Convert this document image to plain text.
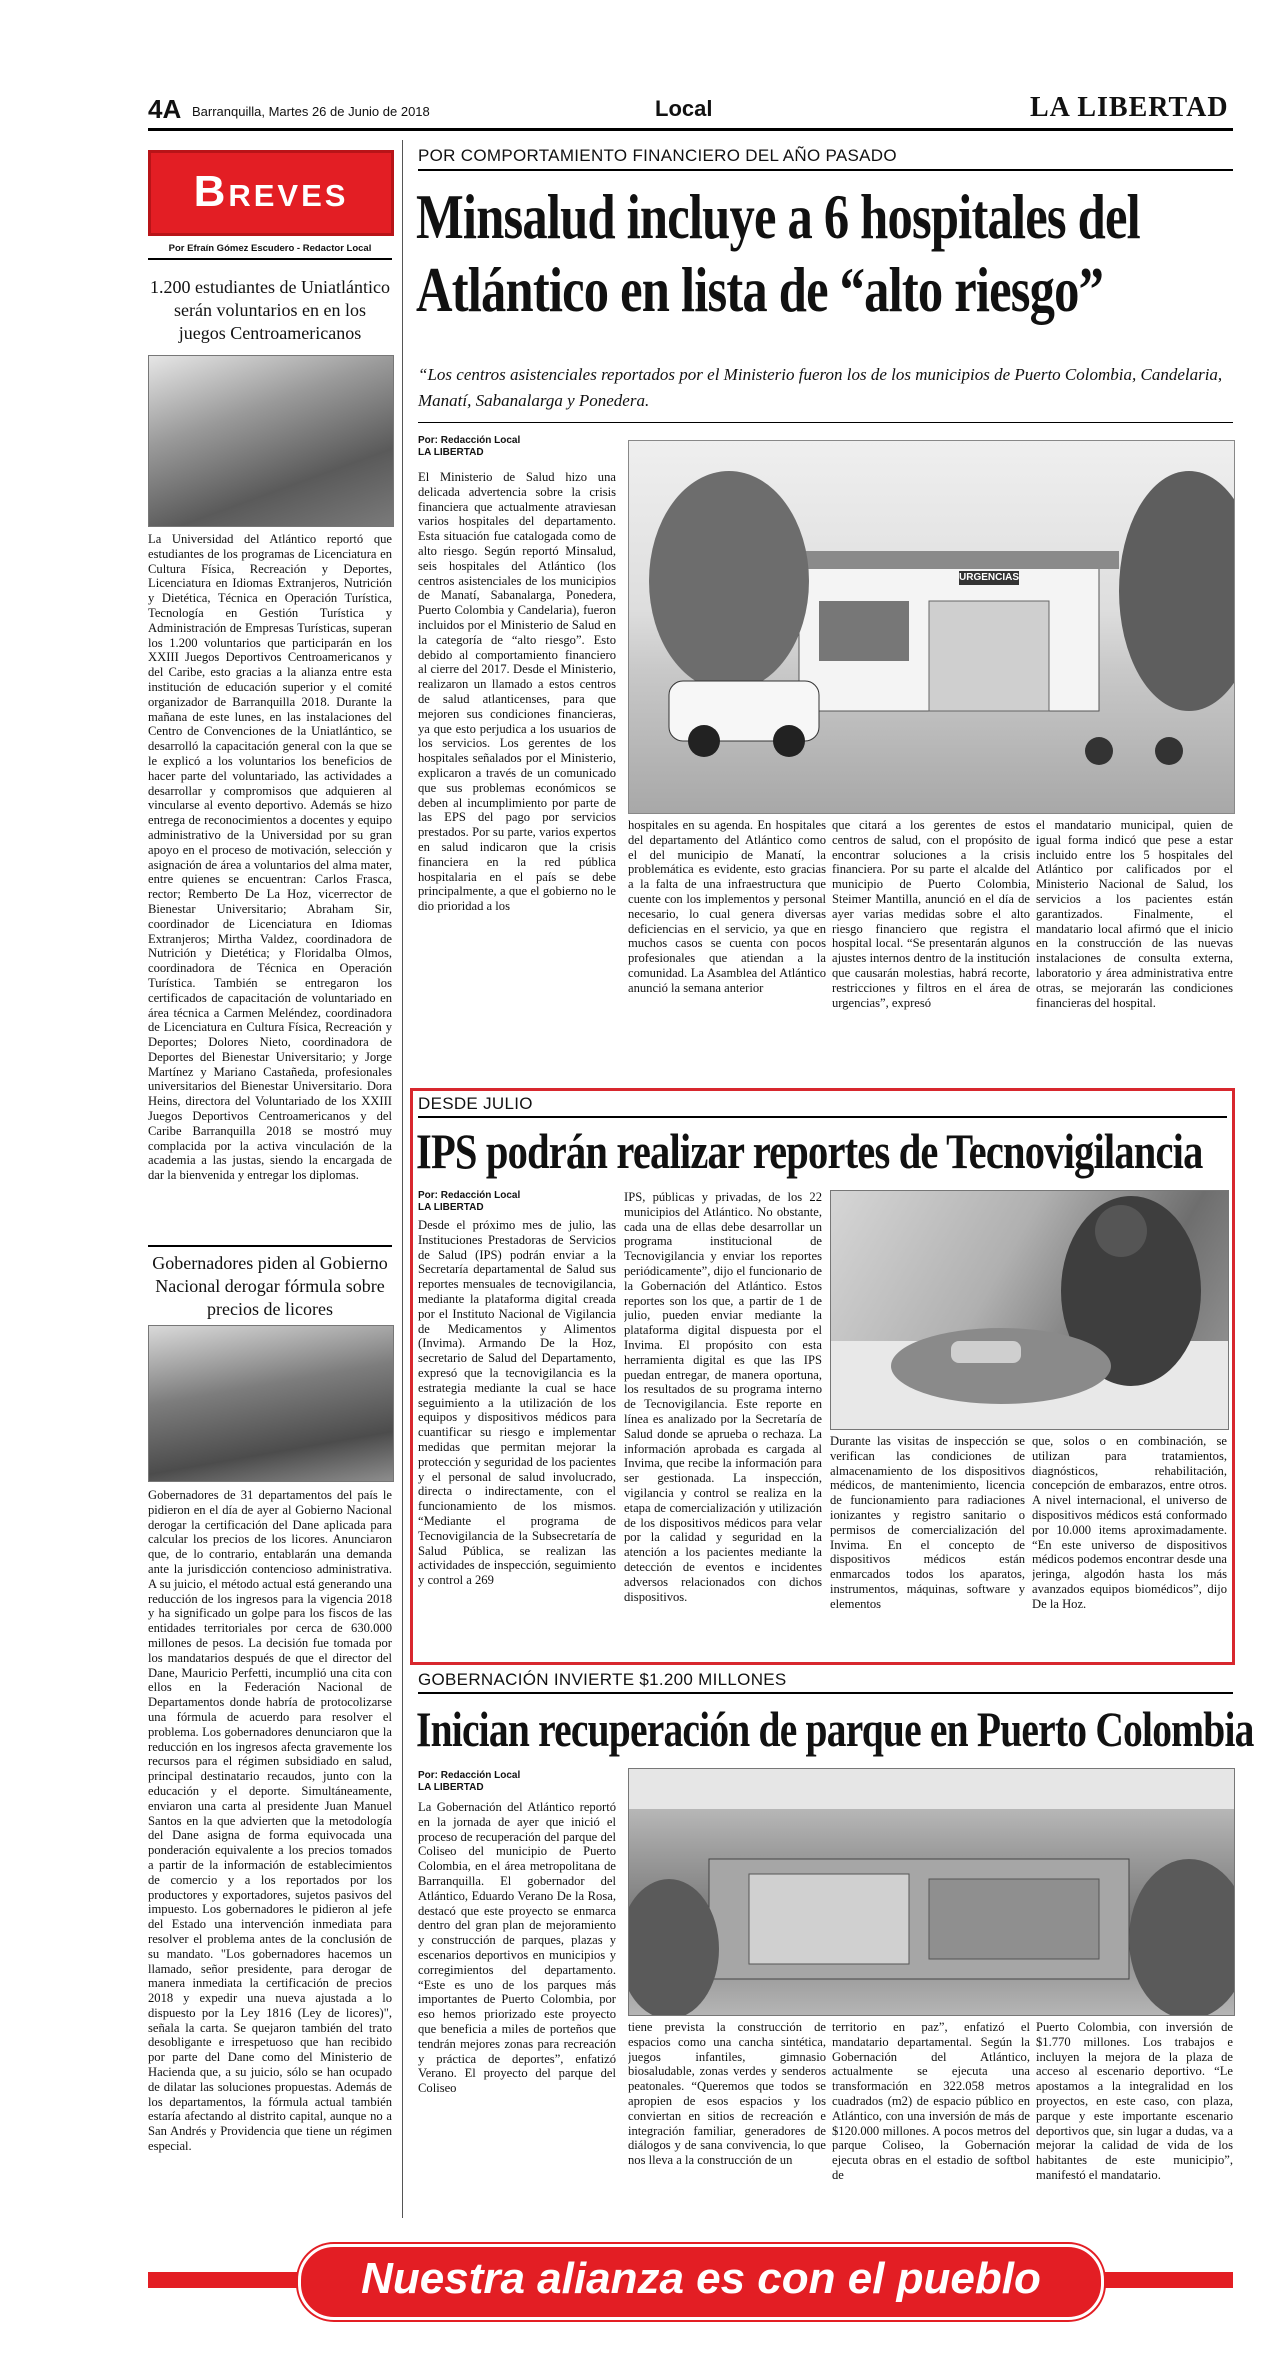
4A Barranquilla, Martes 26 de Junio de 2018	Local	LA LIBERTAD
Breves
Por Efraín Gómez Escudero - Redactor Local
1.200 estudiantes de Uniatlántico serán voluntarios en en los juegos Centroamericanos
La Universidad del Atlántico reportó que estudiantes de los programas de Licenciatura en Cultura Física, Recreación y Deportes, Licenciatura en Idiomas Extranjeros, Nutrición y Dietética, Técnica en Operación Turística, Tecnología en Gestión Turística y Administración de Empresas Turísticas, superan los 1.200 voluntarios que participarán en los XXIII Juegos Deportivos Centroamericanos y del Caribe, esto gracias a la alianza entre esta institución de educación superior y el comité organizador de Barranquilla 2018. Durante la mañana de este lunes, en las instalaciones del Centro de Convenciones de la Uniatlántico, se desarrolló la capacitación general con la que se le explicó a los voluntarios los beneficios de hacer parte del voluntariado, las actividades a desarrollar y compromisos que adquieren al vincularse al evento deportivo. Además se hizo entrega de reconocimientos a docentes y equipo administrativo de la Universidad por su gran apoyo en el proceso de motivación, selección y asignación de área a voluntarios del alma mater, entre quienes se encuentran: Carlos Frasca, rector; Remberto De La Hoz, vicerrector de Bienestar Universitario; Abraham Sir, coordinador de Licenciatura en Idiomas Extranjeros; Mirtha Valdez, coordinadora de Nutrición y Dietética; y Floridalba Olmos, coordinadora de Técnica en Operación Turística. También se entregaron los certificados de capacitación de voluntariado en área técnica a Carmen Meléndez, coordinadora de Licenciatura en Cultura Física, Recreación y Deportes; Dolores Nieto, coordinadora de Deportes del Bienestar Universitario; y Jorge Martínez y Mariano Castañeda, profesionales universitarios del Bienestar Universitario. Dora Heins, directora del Voluntariado de los XXIII Juegos Deportivos Centroamericanos y del Caribe Barranquilla 2018 se mostró muy complacida por la activa vinculación de la academia a las justas, siendo la encargada de dar la bienvenida y entregar los diplomas.
Gobernadores piden al Gobierno Nacional derogar fórmula sobre precios de licores
Gobernadores de 31 departamentos del país le pidieron en el día de ayer al Gobierno Nacional derogar la certificación del Dane aplicada para calcular los precios de los licores. Anunciaron que, de lo contrario, entablarán una demanda ante la jurisdicción contencioso administrativa. A su juicio, el método actual está generando una reducción de los ingresos para la vigencia 2018 y ha significado un golpe para los fiscos de las entidades territoriales por cerca de 630.000 millones de pesos. La decisión fue tomada por los mandatarios después de que el director del Dane, Mauricio Perfetti, incumplió una cita con ellos en la Federación Nacional de Departamentos donde habría de protocolizarse una fórmula de acuerdo para resolver el problema. Los gobernadores denunciaron que la reducción en los ingresos afecta gravemente los recursos para el régimen subsidiado en salud, principal destinatario recaudos, junto con la educación y el deporte. Simultáneamente, enviaron una carta al presidente Juan Manuel Santos en la que advierten que la metodología del Dane asigna de forma equivocada una ponderación equivalente a los precios tomados a partir de la información de establecimientos de comercio y a los reportados por los productores y exportadores, sujetos pasivos del impuesto. Los gobernadores le pidieron al jefe del Estado una intervención inmediata para resolver el problema antes de la conclusión de su mandato. "Los gobernadores hacemos un llamado, señor presidente, para derogar de manera inmediata la certificación de precios 2018 y expedir una nueva ajustada a lo dispuesto por la Ley 1816 (Ley de licores)", señala la carta. Se quejaron también del trato desobligante e irrespetuoso que han recibido por parte del Dane como del Ministerio de Hacienda que, a su juicio, sólo se han ocupado de dilatar las soluciones propuestas. Además de los departamentos, la fórmula actual también estaría afectando al distrito capital, aunque no a San Andrés y Providencia que tiene un régimen especial.
POR COMPORTAMIENTO FINANCIERO DEL AÑO PASADO
Minsalud incluye a 6 hospitales del
Atlántico en lista de “alto riesgo”
“Los centros asistenciales reportados por el Ministerio fueron los de los municipios de Puerto Colombia, Candelaria, Manatí, Sabanalarga y Ponedera.
Por: Redacción Local
LA LIBERTAD
El Ministerio de Salud hizo una delicada advertencia sobre la crisis financiera que actualmente atraviesan varios hospitales del departamento. Esta situación fue catalogada como de alto riesgo. Según reportó Minsalud, seis hospitales del Atlántico (los centros asistenciales de los municipios de Manatí, Sabanalarga, Ponedera, Puerto Colombia y Candelaria), fueron incluidos por el Ministerio de Salud en la categoría de “alto riesgo”. Esto debido al comportamiento financiero al cierre del 2017. Desde el Ministerio, realizaron un llamado a estos centros de salud atlanticenses, para que mejoren sus condiciones financieras, ya que esto perjudica a los usuarios de los servicios. Los gerentes de los hospitales señalados por el Ministerio, explicaron a través de un comunicado que sus problemas económicos se deben al incumplimiento por parte de las EPS del pago por servicios prestados. Por su parte, varios expertos en salud indicaron que la crisis financiera en la red pública hospitalaria en el país se debe principalmente, a que el gobierno no le dio prioridad a los
URGENCIAS
hospitales en su agenda. En hospitales del departamento del Atlántico como el del municipio de Manatí, la problemática es evidente, esto gracias a la falta de una infraestructura que cuente con los implementos y personal necesario, lo cual genera diversas deficiencias en el servicio, ya que en muchos casos se cuenta con pocos profesionales que atiendan a la comunidad. La Asamblea del Atlántico anunció la semana anterior
que citará a los gerentes de estos centros de salud, con el propósito de encontrar soluciones a la crisis financiera. Por su parte el alcalde del municipio de Puerto Colombia, Steimer Mantilla, anunció en el día de ayer varias medidas sobre el alto riesgo financiero que registra el hospital local. “Se presentarán algunos ajustes internos dentro de la institución que causarán molestias, habrá recorte, restricciones y filtros en el área de urgencias”, expresó
el mandatario municipal, quien de igual forma indicó que pese a estar incluido entre los 5 hospitales del Atlántico por calificados por el Ministerio Nacional de Salud, los servicios a los pacientes están garantizados. Finalmente, el mandatario local afirmó que el inicio en la construcción de las nuevas instalaciones de consulta externa, laboratorio y área administrativa entre otras, se mejorarán las condiciones financieras del hospital.
DESDE JULIO
IPS podrán realizar reportes de Tecnovigilancia
Por: Redacción Local
LA LIBERTAD
Desde el próximo mes de julio, las Instituciones Prestadoras de Servicios de Salud (IPS) podrán enviar a la Secretaría departamental de Salud sus reportes mensuales de tecnovigilancia, mediante la plataforma digital creada por el Instituto Nacional de Vigilancia de Medicamentos y Alimentos (Invima). Armando De la Hoz, secretario de Salud del Departamento, expresó que la tecnovigilancia es la estrategia mediante la cual se hace seguimiento a la utilización de los equipos y dispositivos médicos para cuantificar su riesgo e implementar medidas que permitan mejorar la protección y seguridad de los pacientes y el personal de salud involucrado, directa o indirectamente, con el funcionamiento de los mismos. “Mediante el programa de Tecnovigilancia de la Subsecretaría de Salud Pública, se realizan las actividades de inspección, seguimiento y control a 269
IPS, públicas y privadas, de los 22 municipios del Atlántico. No obstante, cada una de ellas debe desarrollar un programa institucional de Tecnovigilancia y enviar los reportes periódicamente”, dijo el funcionario de la Gobernación del Atlántico. Estos reportes son los que, a partir de 1 de julio, pueden enviar mediante la plataforma digital dispuesta por el Invima. El propósito con esta herramienta digital es que las IPS puedan entregar, de manera oportuna, los resultados de su programa interno de Tecnovigilancia. Este reporte en línea es analizado por la Secretaría de Salud donde se aprueba o rechaza. La información aprobada es cargada al Invima, que recibe la información para ser gestionada. La inspección, vigilancia y control se realiza en la etapa de comercialización y utilización de los dispositivos médicos para velar por la calidad y seguridad en la atención a los pacientes mediante la detección de eventos e incidentes adversos relacionados con dichos dispositivos.
Durante las visitas de inspección se verifican las condiciones de almacenamiento de los dispositivos médicos, de mantenimiento, licencia de funcionamiento para radiaciones ionizantes y registro sanitario o permisos de comercialización del Invima. En el concepto de dispositivos médicos están enmarcados todos los aparatos, instrumentos, máquinas, software y elementos
que, solos o en combinación, se utilizan para tratamientos, diagnósticos, rehabilitación, concepción de embarazos, entre otros. A nivel internacional, el universo de dispositivos médicos está conformado por 10.000 items aproximadamente. “En este universo de dispositivos médicos podemos encontrar desde una jeringa, algodón hasta los más avanzados equipos biomédicos”, dijo De la Hoz.
GOBERNACIÓN INVIERTE $1.200 MILLONES
Inician recuperación de parque en Puerto Colombia
Por: Redacción Local
LA LIBERTAD
La Gobernación del Atlántico reportó en la jornada de ayer que inició el proceso de recuperación del parque del Coliseo del municipio de Puerto Colombia, en el área metropolitana de Barranquilla. El gobernador del Atlántico, Eduardo Verano De la Rosa, destacó que este proyecto se enmarca dentro del gran plan de mejoramiento y construcción de parques, plazas y escenarios deportivos en municipios y corregimientos del departamento. “Este es uno de los parques más importantes de Puerto Colombia, por eso hemos priorizado este proyecto que beneficia a miles de porteños que tendrán mejores zonas para recreación y práctica de deportes”, enfatizó Verano. El proyecto del parque del Coliseo
tiene prevista la construcción de espacios como una cancha sintética, juegos infantiles, gimnasio biosaludable, zonas verdes y senderos peatonales. “Queremos que todos se apropien de esos espacios y los conviertan en sitios de recreación e integración familiar, generadores de diálogos y de sana convivencia, lo que nos lleva a la construcción de un
territorio en paz”, enfatizó el mandatario departamental. Según la Gobernación del Atlántico, actualmente se ejecuta una transformación en 322.058 metros cuadrados (m2) de espacio público en Atlántico, con una inversión de más de $120.000 millones. A pocos metros del parque Coliseo, la Gobernación ejecuta obras en el estadio de softbol de
Puerto Colombia, con inversión de $1.770 millones. Los trabajos e incluyen la mejora de la plaza de acceso al escenario deportivo. “Le apostamos a la integralidad en los proyectos, en este caso, con plaza, parque y este importante escenario deportivos que, sin lugar a dudas, va a mejorar la calidad de vida de los habitantes de este municipio”, manifestó el mandatario.
Nuestra alianza es con el pueblo
